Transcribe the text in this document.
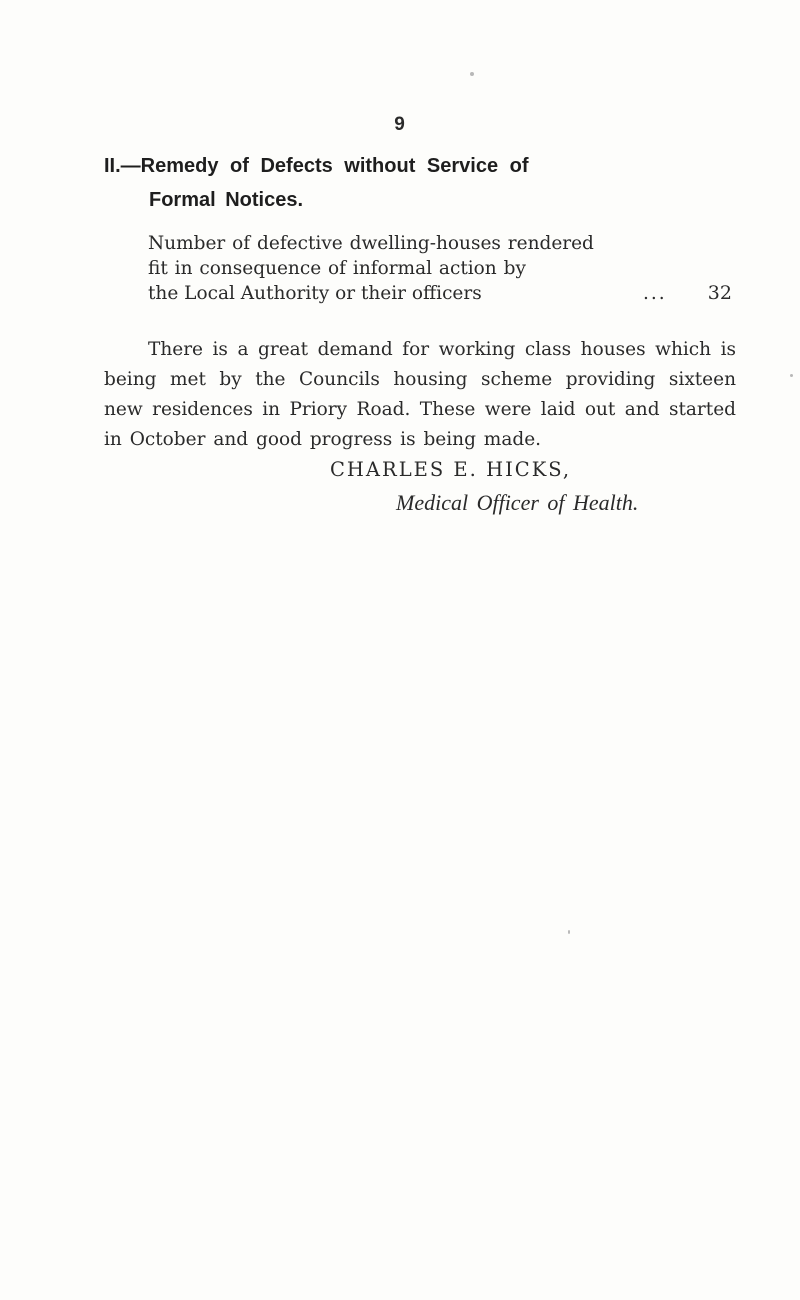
9
II.—Remedy of Defects without Service of
Formal Notices.
Number of defective dwelling-houses rendered
fit in consequence of informal action by
the Local Authority or their officers	... 32

There is a great demand for working class houses which is being met by the Councils housing scheme providing sixteen new residences in Priory Road. These were laid out and started in October and good progress is being made.

CHARLES E. HICKS,
Medical Officer of Health.
